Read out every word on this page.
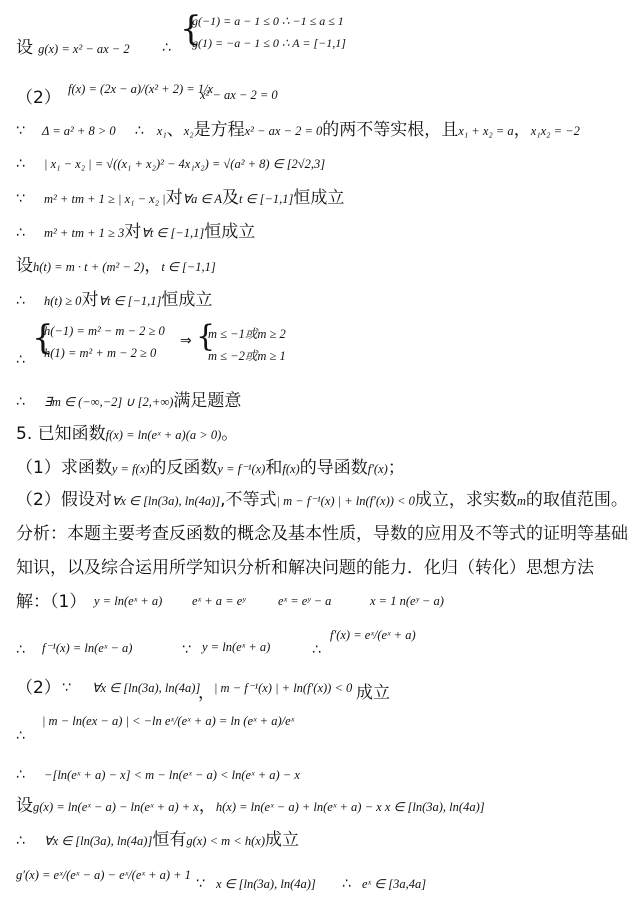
设 g(x) = x² − ax − 2 ∴ {
g(−1) = a − 1 ≤ 0 ∴ −1 ≤ a ≤ 1
g(1) = −a − 1 ≤ 0 ∴ A = [−1,1]
（2） f(x) = (2x − a)/(x² + 2) = 1/x
x² − ax − 2 = 0
∵ Δ = a² + 8 > 0 ∴ x₁、x₂是方程x² − ax − 2 = 0的两不等实根，且x₁ + x₂ = a，x₁x₂ = −2
∴ | x₁ − x₂ | = √((x₁ + x₂)² − 4x₁x₂) = √(a² + 8) ∈ [2√2,3]
∵ m² + tm + 1 ≥ | x₁ − x₂ |对∀a ∈ A及t ∈ [−1,1]恒成立
∴ m² + tm + 1 ≥ 3对∀t ∈ [−1,1]恒成立
设h(t) = m · t + (m² − 2)，t ∈ [−1,1]
∴ h(t) ≥ 0对∀t ∈ [−1,1]恒成立
∴
{
h(−1) = m² − m − 2 ≥ 0
h(1) = m² + m − 2 ≥ 0
⇒ {
m ≤ −1或m ≥ 2
m ≤ −2或m ≥ 1
∴ ∃m ∈ (−∞,−2] ∪ [2,+∞)满足题意
5. 已知函数f(x) = ln(eˣ + a)(a > 0)。
（1）求函数y = f(x)的反函数y = f⁻¹(x)和f(x)的导函数f′(x)；
（2）假设对∀x ∈ [ln(3a), ln(4a)],不等式| m − f⁻¹(x) | + ln(f′(x)) < 0成立，求实数m的取值范围。
分析：本题主要考查反函数的概念及基本性质，导数的应用及不等式的证明等基础
知识，以及综合运用所学知识分析和解决问题的能力．化归（转化）思想方法
解：（1） y = ln(eˣ + a) eˣ + a = eʸ	eˣ = eʸ − a	x = 1 n(eʸ − a)
∴ f⁻¹(x) = ln(eˣ − a)	∵ y = ln(eˣ + a)	∴
f′(x) = eˣ/(eˣ + a)
（2） ∵ ∀x ∈ [ln(3a), ln(4a)]
， | m − f⁻¹(x) | + ln(f′(x)) < 0 成立
∴
| m − ln(ex − a) | < −ln eˣ/(eˣ + a) = ln (eˣ + a)/eˣ
∴ −[ln(eˣ + a) − x] < m − ln(eˣ − a) < ln(eˣ + a) − x
设g(x) = ln(eˣ − a) − ln(eˣ + a) + x，h(x) = ln(eˣ − a) + ln(eˣ + a) − x x ∈ [ln(3a), ln(4a)]
∴ ∀x ∈ [ln(3a), ln(4a)]恒有g(x) < m < h(x)成立
g′(x) = eˣ/(eˣ − a) − eˣ/(eˣ + a) + 1
∵ x ∈ [ln(3a), ln(4a)] ∴ eˣ ∈ [3a,4a]
